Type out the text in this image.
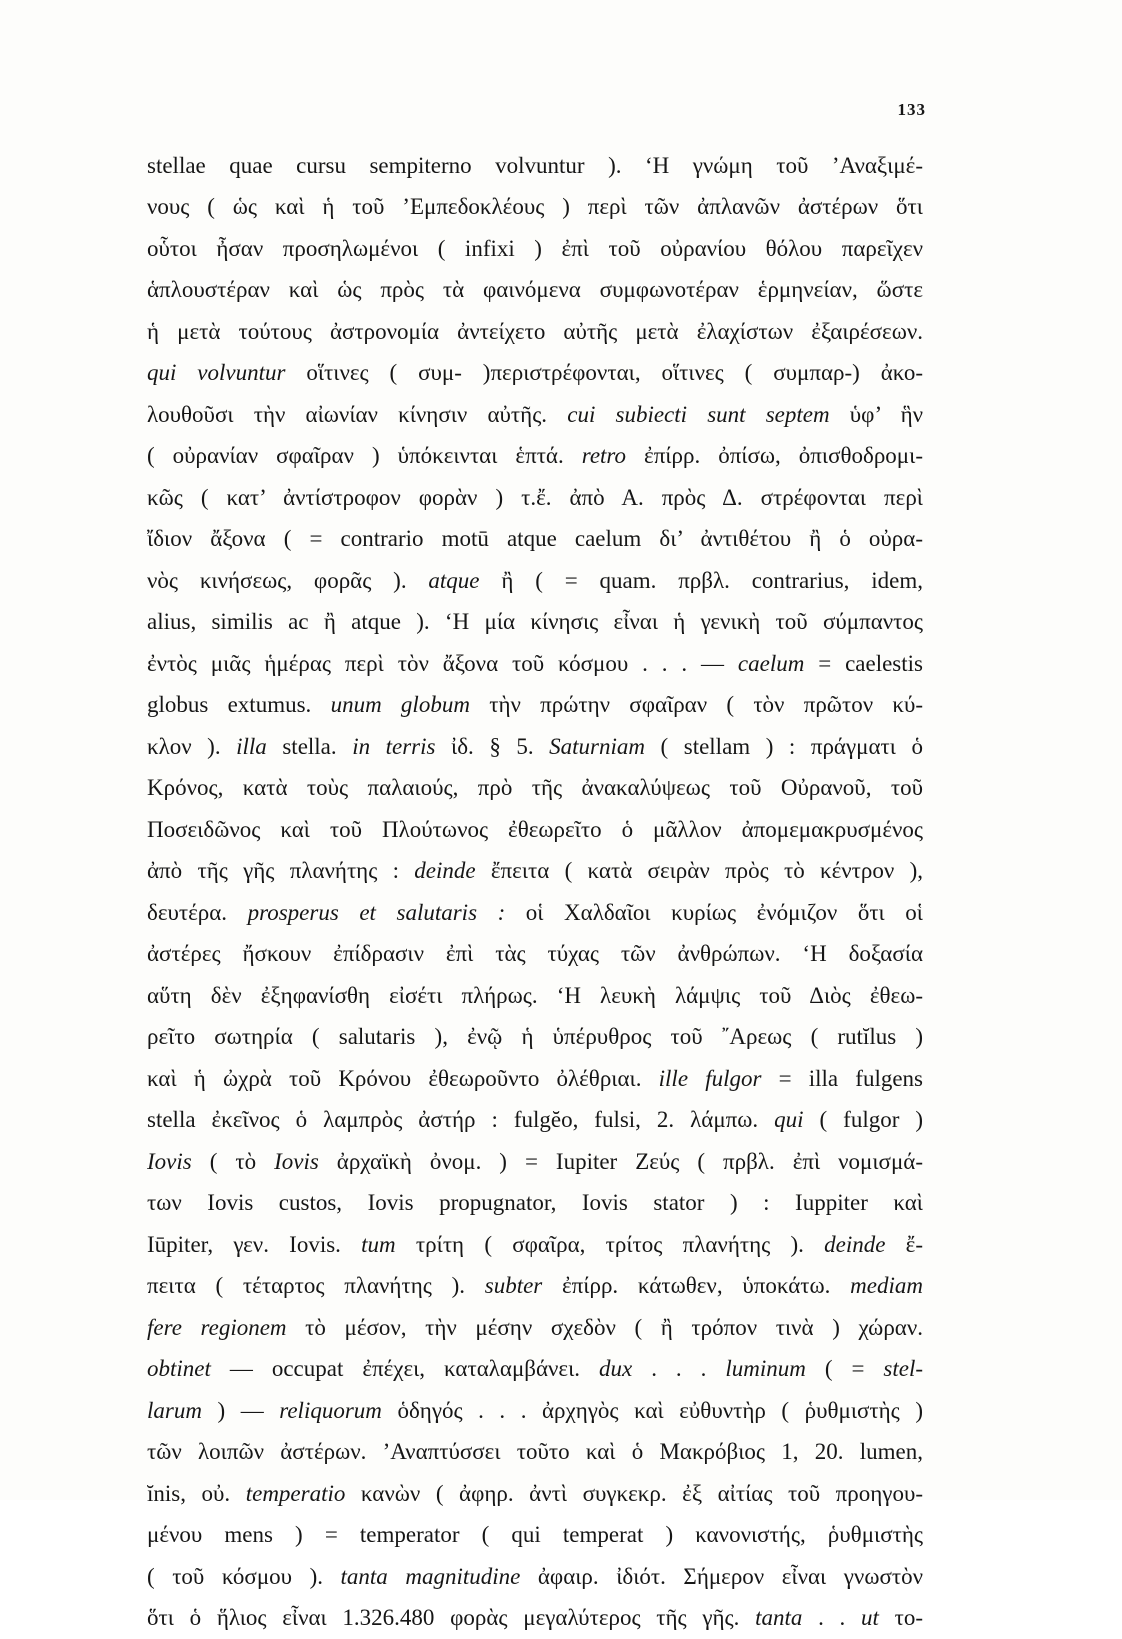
133
stellae quae cursu sempiterno volvuntur ). ‘Η γνώμη τοῦ ’Αναξιμέ-
νους ( ὡς καὶ ἡ τοῦ ’Εμπεδοκλέους ) περὶ τῶν ἀπλανῶν ἀστέρων ὅτι
οὗτοι ἦσαν προσηλωμένοι ( infixi ) ἐπὶ τοῦ οὐρανίου θόλου παρεῖχεν
ἁπλουστέραν καὶ ὡς πρὸς τὰ φαινόμενα συμφωνοτέραν ἑρμηνείαν, ὥστε
ἡ μετὰ τούτους ἀστρονομία ἀντείχετο αὐτῆς μετὰ ἐλαχίστων ἐξαιρέσεων.
qui volvuntur οἵτινες ( συμ- )περιστρέφονται, οἵτινες ( συμπαρ-) ἀκο-
λουθοῦσι τὴν αἰωνίαν κίνησιν αὐτῆς. cui subiecti sunt septem ὑφ’ ἣν
( οὐρανίαν σφαῖραν ) ὑπόκεινται ἑπτά. retro ἐπίρρ. ὀπίσω, ὀπισθοδρομι-
κῶς ( κατ’ ἀντίστροφον φορὰν ) τ.ἔ. ἀπὸ Α. πρὸς Δ. στρέφονται περὶ
ἴδιον ἄξονα ( = contrario motū atque caelum δι’ ἀντιθέτου ἢ ὁ οὐρα-
νὸς κινήσεως, φορᾶς ). atque ἢ ( = quam. πρβλ. contrarius, idem,
alius, similis ac ἢ atque ). ‘Η μία κίνησις εἶναι ἡ γενικὴ τοῦ σύμπαντος
ἐντὸς μιᾶς ἡμέρας περὶ τὸν ἄξονα τοῦ κόσμου . . . — caelum = caelestis
globus extumus. unum globum τὴν πρώτην σφαῖραν ( τὸν πρῶτον κύ-
κλον ). illa stella. in terris ἰδ. § 5. Saturniam ( stellam ) : πράγματι ὁ
Κρόνος, κατὰ τοὺς παλαιούς, πρὸ τῆς ἀνακαλύψεως τοῦ Οὐρανοῦ, τοῦ
Ποσειδῶνος καὶ τοῦ Πλούτωνος ἐθεωρεῖτο ὁ μᾶλλον ἀπομεμακρυσμένος
ἀπὸ τῆς γῆς πλανήτης : deinde ἔπειτα ( κατὰ σειρὰν πρὸς τὸ κέντρον ),
δευτέρα. prosperus et salutaris : οἱ Χαλδαῖοι κυρίως ἐνόμιζον ὅτι οἱ
ἀστέρες ἤσκουν ἐπίδρασιν ἐπὶ τὰς τύχας τῶν ἀνθρώπων. ‘Η δοξασία
αὕτη δὲν ἐξηφανίσθη εἰσέτι πλήρως. ‘Η λευκὴ λάμψις τοῦ Διὸς ἐθεω-
ρεῖτο σωτηρία ( salutaris ), ἐνῷ ἡ ὑπέρυθρος τοῦ ῎Αρεως ( rutĭlus )
καὶ ἡ ὠχρὰ τοῦ Κρόνου ἐθεωροῦντο ὀλέθριαι. ille fulgor = illa fulgens
stella ἐκεῖνος ὁ λαμπρὸς ἀστήρ : fulgĕo, fulsi, 2. λάμπω. qui ( fulgor )
Iovis ( τὸ Iovis ἀρχαϊκὴ ὀνομ. ) = Iupiter Ζεύς ( πρβλ. ἐπὶ νομισμά-
των Iovis custos, Iovis propugnator, Iovis stator ) : Iuppiter καὶ
Iūpiter, γεν. Iovis. tum τρίτη ( σφαῖρα, τρίτος πλανήτης ). deinde ἔ-
πειτα ( τέταρτος πλανήτης ). subter ἐπίρρ. κάτωθεν, ὑποκάτω. mediam
fere regionem τὸ μέσον, τὴν μέσην σχεδὸν ( ἢ τρόπον τινὰ ) χώραν.
obtinet — occupat ἐπέχει, καταλαμβάνει. dux . . . luminum ( = stel-
larum ) — reliquorum ὁδηγός . . . ἀρχηγὸς καὶ εὐθυντὴρ ( ῥυθμιστὴς )
τῶν λοιπῶν ἀστέρων. ’Αναπτύσσει τοῦτο καὶ ὁ Μακρόβιος 1, 20. lumen,
ĭnis, οὐ. temperatio κανὼν ( ἀφηρ. ἀντὶ συγκεκρ. ἐξ αἰτίας τοῦ προηγου-
μένου mens ) = temperator ( qui temperat ) κανονιστής, ῥυθμιστὴς
( τοῦ κόσμου ). tanta magnitudine ἀφαιρ. ἰδιότ. Σήμερον εἶναι γνωστὸν
ὅτι ὁ ἥλιος εἶναι 1.326.480 φορὰς μεγαλύτερος τῆς γῆς. tanta . . ut το-
